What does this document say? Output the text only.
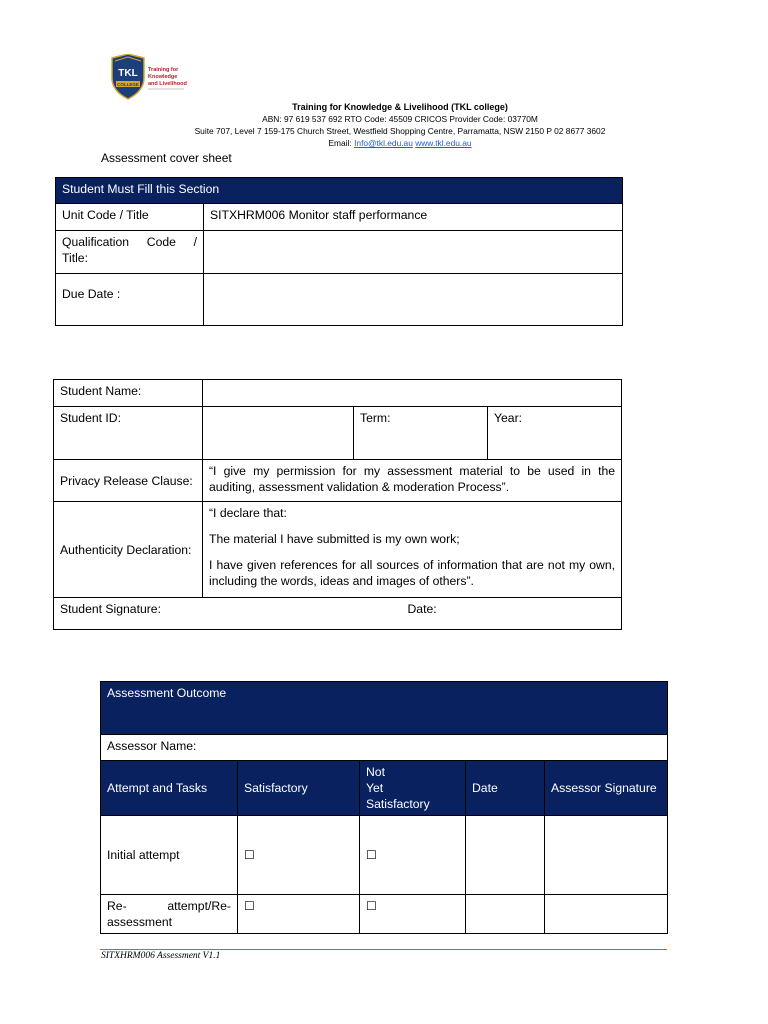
TKL
COLLEGE
Training for
Knowledge
and Livelihood
Training for Knowledge & Livelihood (TKL college)
ABN: 97 619 537 692 RTO Code: 45509 CRICOS Provider Code: 03770M
Suite 707, Level 7 159-175 Church Street, Westfield Shopping Centre, Parramatta, NSW 2150 P 02 8677 3602
Email: Info@tkl.edu.au www.tkl.edu.au
Assessment cover sheet
Student Must Fill this Section	
Unit Code / Title	SITXHRM006 Monitor staff performance

Qualification Code / Title:	

Due Date :	
Student Name:			
Student ID:		Term:	Year:
Privacy Release Clause:	“I give my permission for my assessment material to be used in the auditing, assessment validation & moderation Process”.		
Authenticity Declaration:	“I declare that:

The material I have submitted is my own work;

I have given references for all sources of information that are not my own, including the words, ideas and images of others”.		

Student Signature:		Date:	
Assessment Outcome				
Assessor Name:				
Attempt and Tasks	Satisfactory	Not Yet Satisfactory	Date	Assessor Signature
Initial attempt	☐	☐		

Re- attempt/Re-assessment	☐	☐		
SITXHRM006 Assessment V1.1
